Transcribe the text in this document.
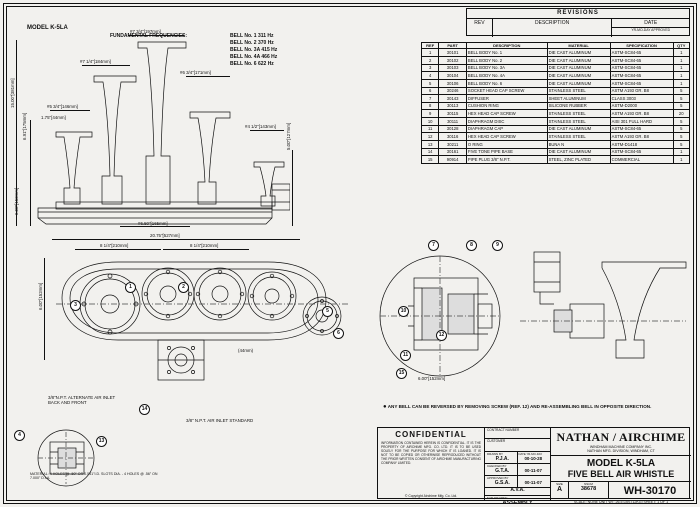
REVISIONS
REV	DESCRIPTION	DATE
YR-MO-DAY APPROVED
REF	PART	DESCRIPTION	MATERIAL	SPECIFICATION	QTY
1	30101	BELL BODY No. 1	DIE CAST ALUMINUM	ASTM-SC84-65	1
2	30102	BELL BODY No. 2	DIE CAST ALUMINUM	ASTM-SC84-65	1
3	30103	BELL BODY No. 3A	DIE CAST ALUMINUM	ASTM-SC84-65	1
4	30104	BELL BODY No. 4A	DIE CAST ALUMINUM	ASTM-SC84-65	1
5	30106	BELL BODY No. 6	DIE CAST ALUMINUM	ASTM-SC84-65	1
6	30246	SOCKET HEAD CAP SCREW	STAINLESS STEEL	ASTM A193 GR. B8	5
7	30143	DIFFUSER	SHEET ALUMINUM	CLASS 3003	5
8	30113	CUSHION RING	SILICONE RUBBER	ASTM-D2000	5
9	30115	HEX HEAD CAP SCREW	STAINLESS STEEL	ASTM A193 GR. B8	20
10	30111	DIAPHRAGM DISC	STAINLESS STEEL	AISI 301 FULL HARD	5
11	30128	DIAPHRAGM CAP	DIE CAST ALUMINUM	ASTM-SC84-65	5
12	30116	HEX HEAD CAP SCREW	STAINLESS STEEL	ASTM A193 GR. B8	5
13	30211	O RING	BUNA N	ASTM-D1418	5
14	30161	FIVE TONE PIPE BASE	DIE CAST ALUMINUM	ASTM-SC84-65	1
15	90914	PIPE PLUG 3/8" N.P.T.	STEEL, ZINC PLATED	COMMERCIAL	1
MODEL K-5LA
FUNDAMENTAL FREQUENCIES:	BELL No. 1 311 Hz
BELL No. 2 370 Hz
BELL No. 3A 415 Hz
BELL No. 4A 466 Hz
BELL No. 6 622 Hz
#7 3/4"[197mm]
#7 1/4"[184mm]
#6 3/4"[171mm]
#5 3/4"[146mm]
#4 1/2"[143mm]
15.00"[381mm]
6.91"[175mm]	5.00"[127mm]
6.00"[152mm]
1.75"[44mm]
#6.50"[165mm]
20.75"[527mm]
8 1/4"[210mm]	8 1/4"[210mm]
6.00"[152mm]
(44mm)
3/8"N.P.T. ALTERNATE AIR INLET BACK AND FRONT
3/8" N.P.T. AIR INLET STANDARD
MATERIAL: 4 HOLES @ .50" OR 0.531"I.D. SLOTS DIA. - 4 HOLES @ .56" ON 7.000" D.I.A.
6.00"[152mm]
● ANY BELL CAN BE REVERSED BY REMOVING SCREW (REF. 12) AND RE-ASSEMBLING BELL IN OPPOSITE DIRECTION.
1	2
3
4
5
6
7	8	9
10
11
12
13
14
15
CONFIDENTIAL
INFORMATION CONTAINED HEREIN IS CONFIDENTIAL. IT IS THE PROPERTY OF AIRCHIME MFG. CO. LTD. IT IS TO BE USED SOLELY FOR THE PURPOSE FOR WHICH IT IS LOANED. IT IS NOT TO BE COPIED OR OTHERWISE REPRODUCED WITHOUT THE PRIOR WRITTEN CONSENT OF AIRCHIME MANUFACTURING COMPANY LIMITED.
© Copyright Airchime Mfg. Co. Ltd.
CONTRACT NUMBER
CUSTOMER
DRAWN BY
P.J.A.
DATE YR-MO-DAY
00-10-28
CHECKED BY
G.T.A.	00-11-07
APPROVED BY
G.S.A.	00-11-07
A.V.A.
THIS DRAWING
ASSEMBLY
NATHAN / AIRCHIME
WINDHAM MACHINE COMPANY INC.
NATHAN MFG. DIVISION, WINDHAM, CT
MODEL K-5LA
FIVE BELL AIR WHISTLE
SIZE
A
NSCM
38678	WH-30170
SCALE: NONE UNIT WT: 26.5 LBS [12KG] SHEET: 1 OF 1
